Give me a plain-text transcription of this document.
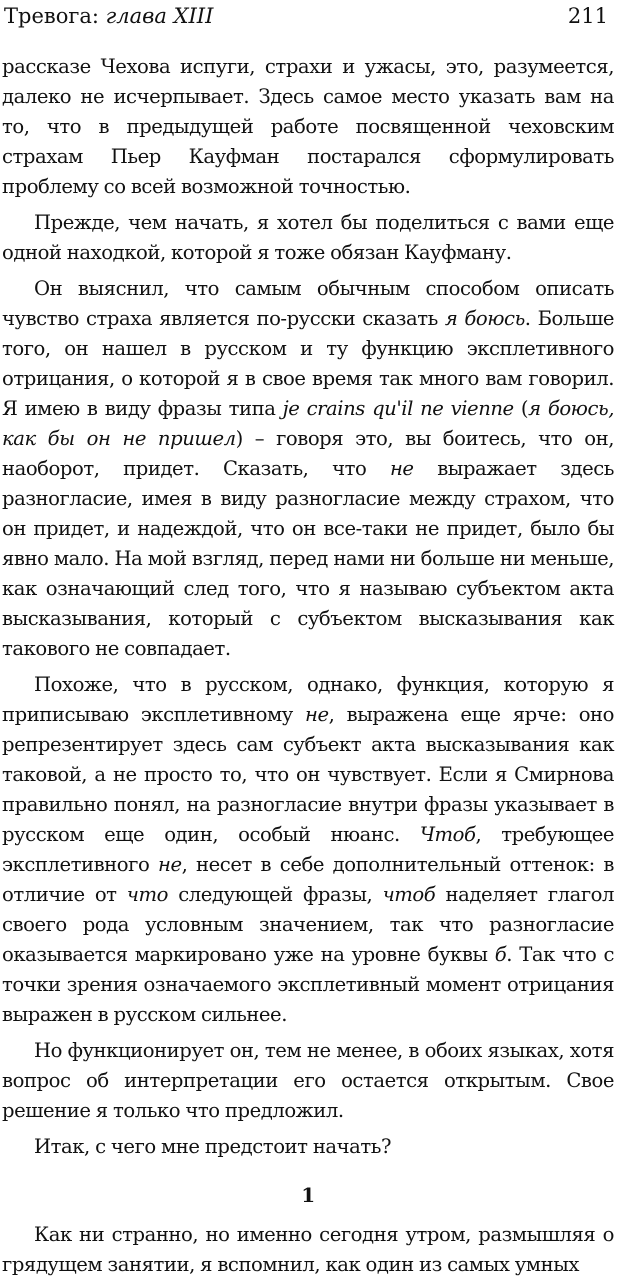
Тревога: глава XIII	211

рассказе Чехова испуги, страхи и ужасы, это, разумеется, далеко не исчерпывает. Здесь самое место указать вам на то, что в предыдущей работе посвященной чеховским страхам Пьер Кауфман постарался сформулировать проблему со всей возможной точностью.

Прежде, чем начать, я хотел бы поделиться с вами еще одной находкой, которой я тоже обязан Кауфману.

Он выяснил, что самым обычным способом описать чувство страха является по-русски сказать я боюсь. Больше того, он нашел в русском и ту функцию эксплетивного отрицания, о которой я в свое время так много вам говорил. Я имею в виду фразы типа je crains qu'il ne vienne (я боюсь, как бы он не пришел) – говоря это, вы боитесь, что он, наоборот, придет. Сказать, что не выражает здесь разногласие, имея в виду разногласие между страхом, что он придет, и надеждой, что он все-таки не придет, было бы явно мало. На мой взгляд, перед нами ни больше ни меньше, как означающий след того, что я называю субъектом акта высказывания, который с субъектом высказывания как такового не совпадает.

Похоже, что в русском, однако, функция, которую я приписываю эксплетивному не, выражена еще ярче: оно репрезентирует здесь сам субъект акта высказывания как таковой, а не просто то, что он чувствует. Если я Смирнова правильно понял, на разногласие внутри фразы указывает в русском еще один, особый нюанс. Чтоб, требующее эксплетивного не, несет в себе дополнительный оттенок: в отличие от что следующей фразы, чтоб наделяет глагол своего рода условным значением, так что разногласие оказывается маркировано уже на уровне буквы б. Так что с точки зрения означаемого эксплетивный момент отрицания выражен в русском сильнее.

Но функционирует он, тем не менее, в обоих языках, хотя вопрос об интерпретации его остается открытым. Свое решение я только что предложил.

Итак, с чего мне предстоит начать?

1

Как ни странно, но именно сегодня утром, размышляя о грядущем занятии, я вспомнил, как один из самых умных
